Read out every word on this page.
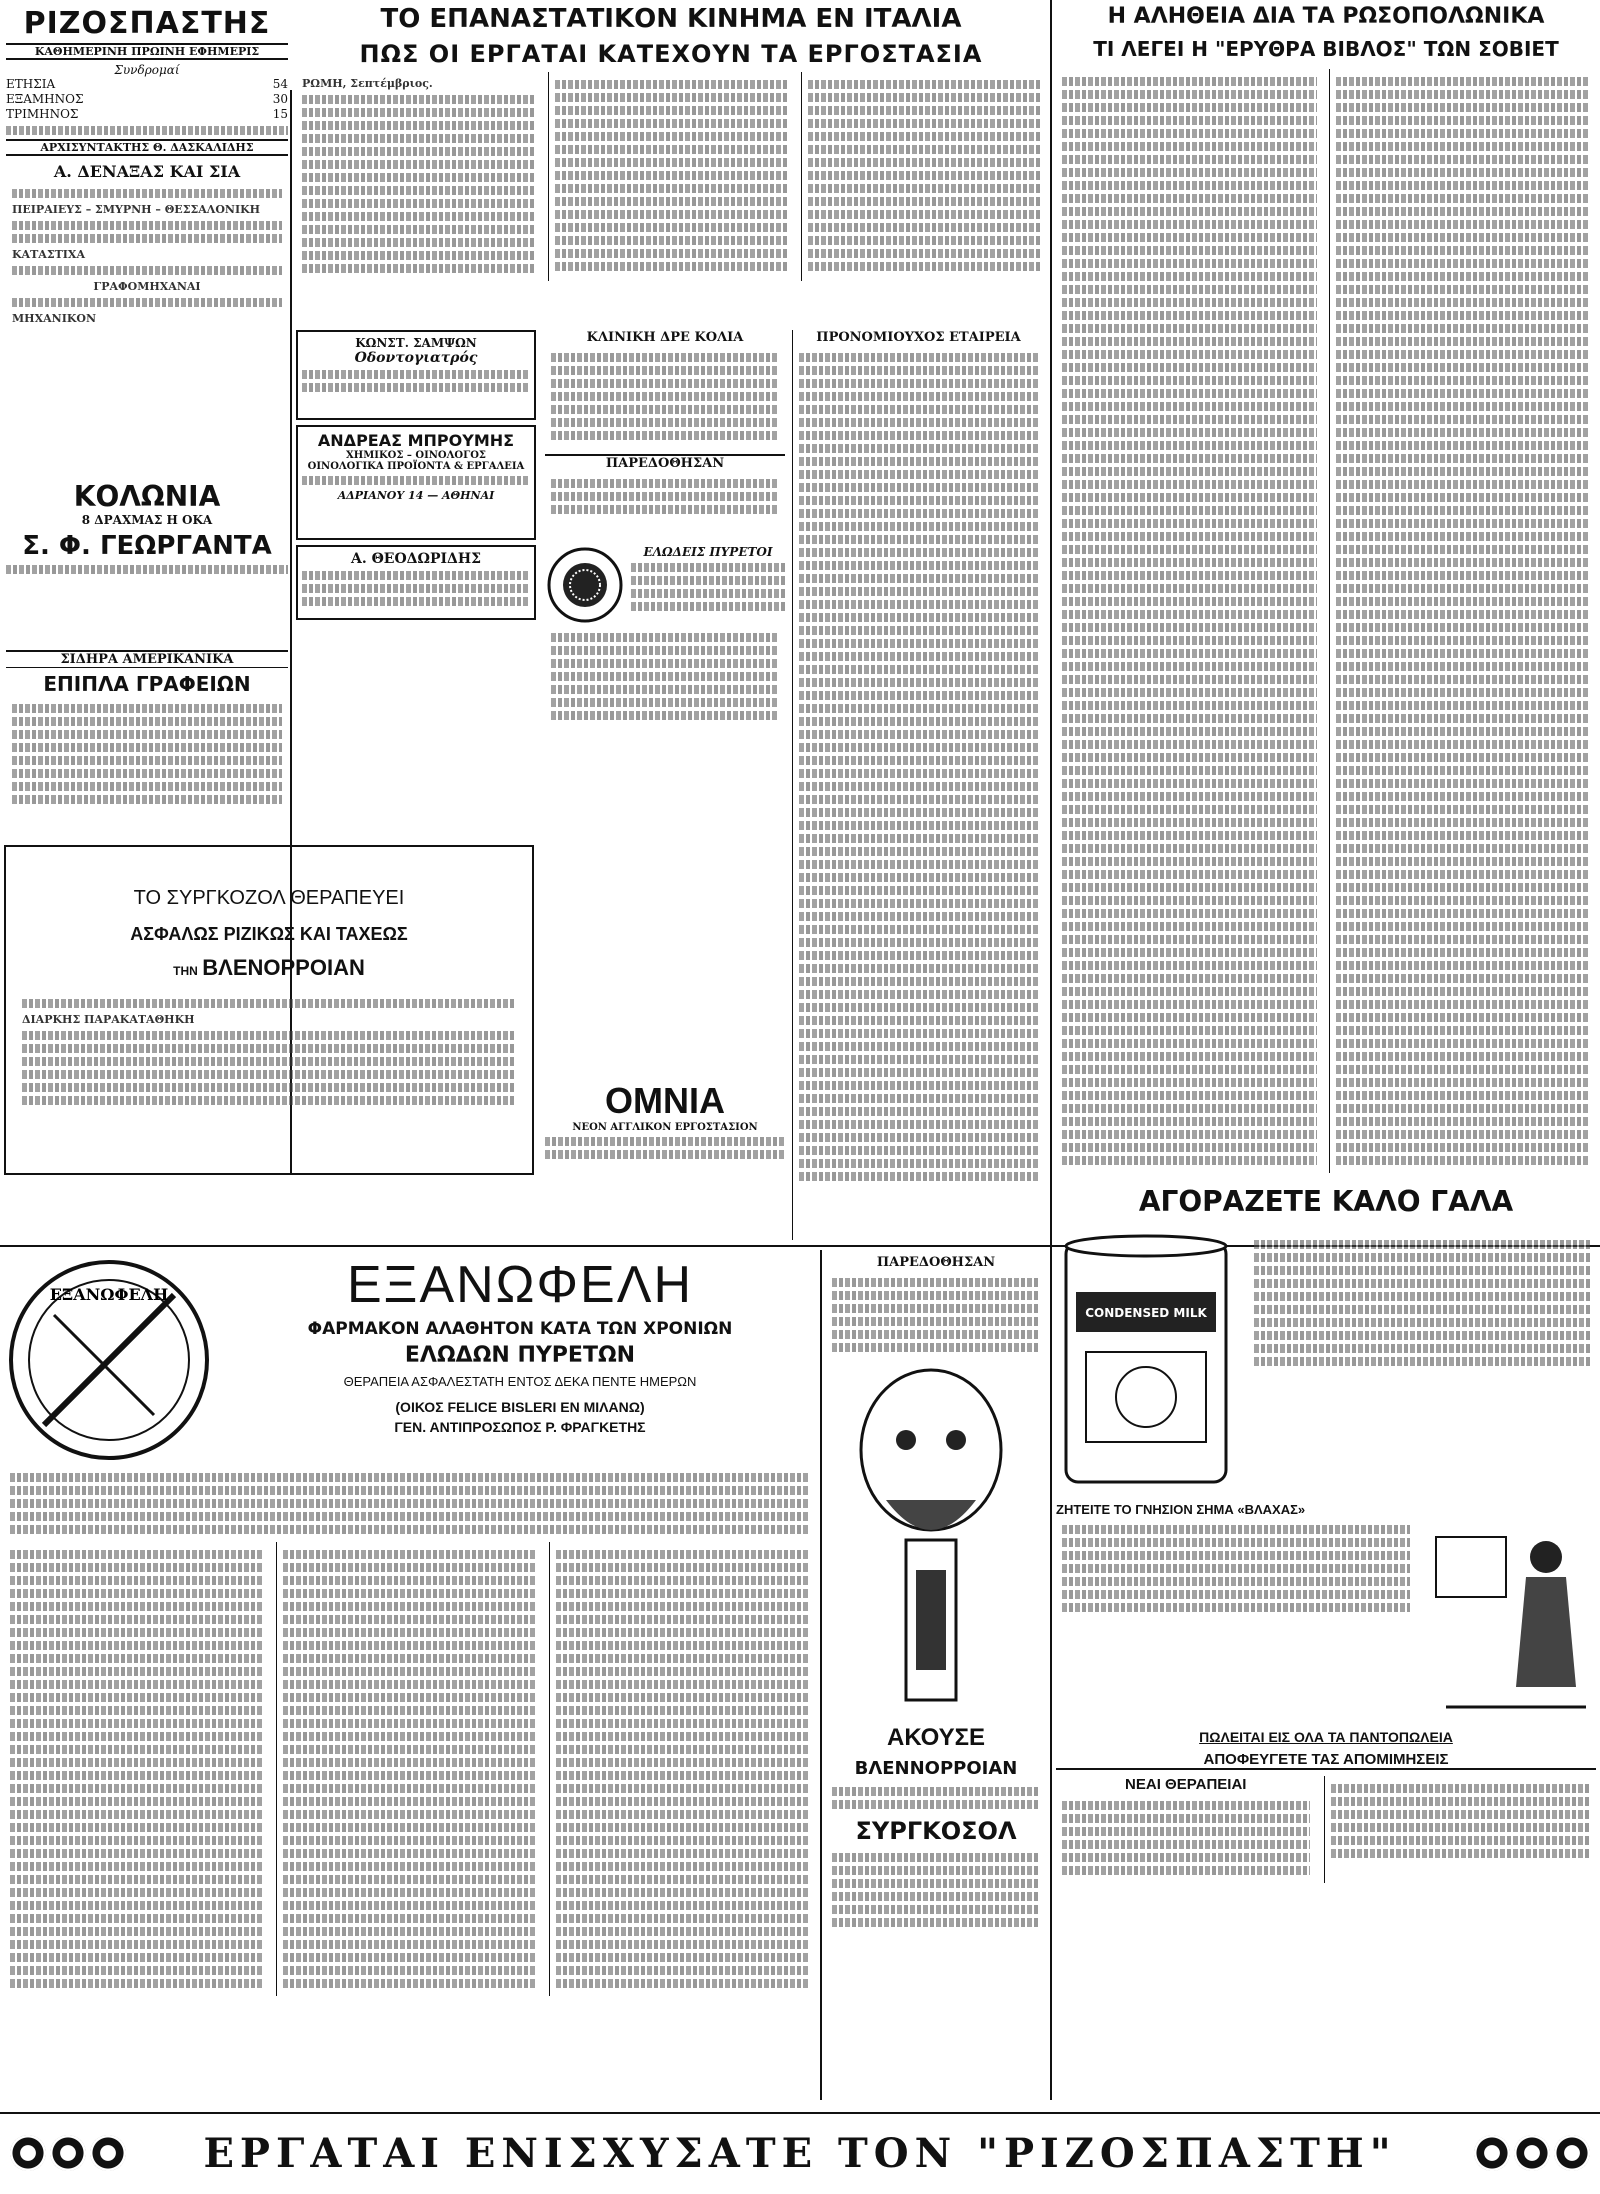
ΡΙΖΟΣΠΑΣΤΗΣ
ΚΑΘΗΜΕΡΙΝΗ ΠΡΩΙΝΗ ΕΦΗΜΕΡΙΣ
Συνδρομαί
ΕΤΗΣΙΑ	54
ΕΞΑΜΗΝΟΣ	30
ΤΡΙΜΗΝΟΣ	15
ΑΡΧΙΣΥΝΤΑΚΤΗΣ Θ. ΔΑΣΚΑΛΙΔΗΣ
Α. ΔΕΝΑΞΑΣ ΚΑΙ ΣΙΑ

ΠΕΙΡΑΙΕΥΣ – ΣΜΥΡΝΗ – ΘΕΣΣΑΛΟΝΙΚΗ

ΚΑΤΑΣΤΙΧΑ

ΓΡΑΦΟΜΗΧΑΝΑΙ

ΜΗΧΑΝΙΚΟΝ

ΚΟΛΩΝΙΑ
8 ΔΡΑΧΜΑΣ Η ΟΚΑ
Σ. Φ. ΓΕΩΡΓΑΝΤΑ
ΣΙΔΗΡΑ ΑΜΕΡΙΚΑΝΙΚΑ
ΕΠΙΠΛΑ ΓΡΑΦΕΙΩΝ
ΤΟ ΕΠΑΝΑΣΤΑΤΙΚΟΝ ΚΙΝΗΜΑ ΕΝ ΙΤΑΛΙΑ
ΠΩΣ ΟΙ ΕΡΓΑΤΑΙ ΚΑΤΕΧΟΥΝ ΤΑ ΕΡΓΟΣΤΑΣΙΑ

ΡΩΜΗ, Σεπτέμβριος.

Η ΑΛΗΘΕΙΑ ΔΙΑ ΤΑ ΡΩΣΟΠΟΛΩΝΙΚΑ
ΤΙ ΛΕΓΕΙ Η "ΕΡΥΘΡΑ ΒΙΒΛΟΣ" ΤΩΝ ΣΟΒΙΕΤ
ΚΩΝΣΤ. ΣΑΜΨΩΝ
Οδοντογιατρός
ΑΝΔΡΕΑΣ ΜΠΡΟΥΜΗΣ
ΧΗΜΙΚΟΣ – ΟΙΝΟΛΟΓΟΣ
ΟΙΝΟΛΟΓΙΚΑ ΠΡΟΪΟΝΤΑ & ΕΡΓΑΛΕΙΑ
ΑΔΡΙΑΝΟΥ 14 — ΑΘΗΝΑΙ
Α. ΘΕΟΔΩΡΙΔΗΣ
ΚΛΙΝΙΚΗ ΔΡΕ ΚΟΛΙΑ
ΠΑΡΕΔΟΘΗΣΑΝ
ΕΛΩΔΕΙΣ ΠΥΡΕΤΟΙ
ΠΡΟΝΟΜΙΟΥΧΟΣ ΕΤΑΙΡΕΙΑ
ΤΟ ΣΥΡΓΚΟΖΟΛ ΘΕΡΑΠΕΥΕΙ
ΑΣΦΑΛΩΣ ΡΙΖΙΚΩΣ ΚΑΙ ΤΑΧΕΩΣ
ΤΗΝ ΒΛΕΝΟΡΡΟΙΑΝ

ΔΙΑΡΚΗΣ ΠΑΡΑΚΑΤΑΘΗΚΗ

ΟΜΝΙΑ
ΝΕΟΝ ΑΓΓΛΙΚΟΝ ΕΡΓΟΣΤΑΣΙΟΝ
ΑΓΟΡΑΖΕΤΕ ΚΑΛΟ ΓΑΛΑ
CONDENSED MILK
ΖΗΤΕΙΤΕ ΤΟ ΓΝΗΣΙΟΝ ΣΗΜΑ «ΒΛΑΧΑΣ»
ΠΩΛΕΙΤΑΙ ΕΙΣ ΟΛΑ ΤΑ ΠΑΝΤΟΠΩΛΕΙΑ
ΑΠΟΦΕΥΓΕΤΕ ΤΑΣ ΑΠΟΜΙΜΗΣΕΙΣ
ΝΕΑΙ ΘΕΡΑΠΕΙΑΙ
ΕΞΑΝΩΦΕΛΗ	ΕΞΑΝΩΦΕΛΗ
ΦΑΡΜΑΚΟΝ ΑΛΑΘΗΤΟΝ ΚΑΤΑ ΤΩΝ ΧΡΟΝΙΩΝ
ΕΛΩΔΩΝ ΠΥΡΕΤΩΝ
ΘΕΡΑΠΕΙΑ ΑΣΦΑΛΕΣΤΑΤΗ ΕΝΤΟΣ ΔΕΚΑ ΠΕΝΤΕ ΗΜΕΡΩΝ
(ΟΙΚΟΣ FELICE BISLERI ΕΝ ΜΙΛΑΝΩ)
ΓΕΝ. ΑΝΤΙΠΡΟΣΩΠΟΣ Ρ. ΦΡΑΓΚΕΤΗΣ
ΠΑΡΕΔΟΘΗΣΑΝ
ΑΚΟΥΣΕ
ΒΛΕΝΝΟΡΡΟΙΑΝ
ΣΥΡΓΚΟΣΟΛ
ΕΡΓΑΤΑΙ ΕΝΙΣΧΥΣΑΤΕ ΤΟΝ "ΡΙΖΟΣΠΑΣΤΗ"
